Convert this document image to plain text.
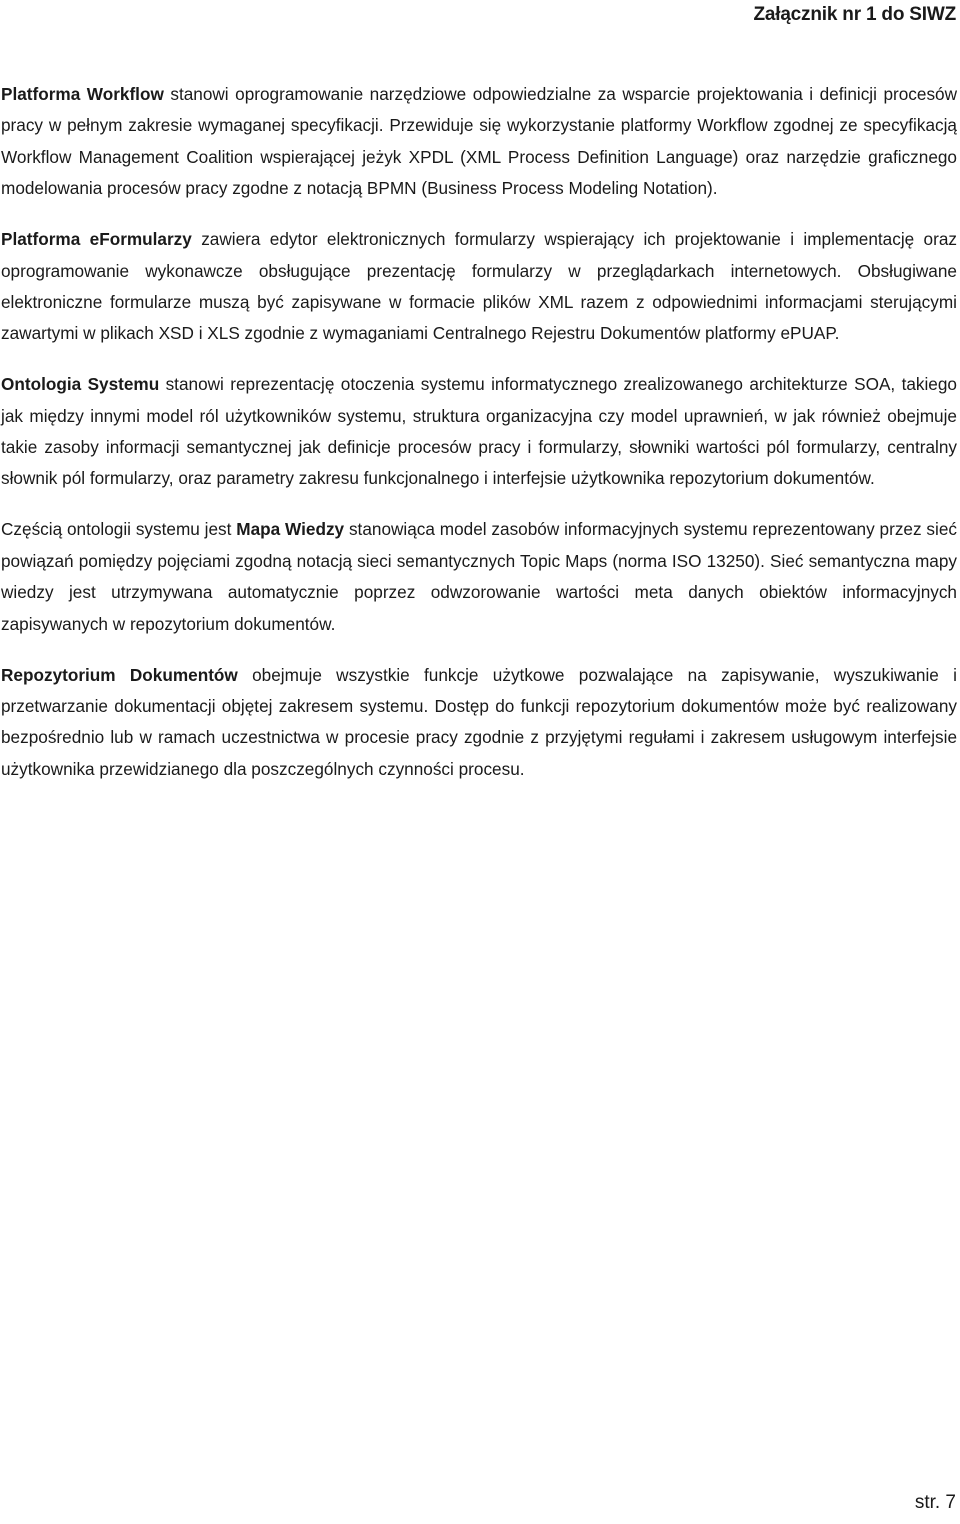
Załącznik nr 1 do SIWZ

Platforma Workflow stanowi oprogramowanie narzędziowe odpowiedzialne za wsparcie projektowania i definicji procesów pracy w pełnym zakresie wymaganej specyfikacji. Przewiduje się wykorzystanie platformy Workflow zgodnej ze specyfikacją Workflow Management Coalition wspierającej jeżyk XPDL (XML Process Definition Language) oraz narzędzie graficznego modelowania procesów pracy zgodne z notacją BPMN (Business Process Modeling Notation).

Platforma eFormularzy zawiera edytor elektronicznych formularzy wspierający ich projektowanie i implementację oraz oprogramowanie wykonawcze obsługujące prezentację formularzy w przeglądarkach internetowych. Obsługiwane elektroniczne formularze muszą być zapisywane w formacie plików XML razem z odpowiednimi informacjami sterującymi zawartymi w plikach XSD i XLS zgodnie z wymaganiami Centralnego Rejestru Dokumentów platformy ePUAP.

Ontologia Systemu stanowi reprezentację otoczenia systemu informatycznego zrealizowanego architekturze SOA, takiego jak między innymi model ról użytkowników systemu, struktura organizacyjna czy model uprawnień, w jak również obejmuje takie zasoby informacji semantycznej jak definicje procesów pracy i formularzy, słowniki wartości pól formularzy, centralny słownik pól formularzy, oraz parametry zakresu funkcjonalnego i interfejsie użytkownika repozytorium dokumentów.

Częścią ontologii systemu jest Mapa Wiedzy stanowiąca model zasobów informacyjnych systemu reprezentowany przez sieć powiązań pomiędzy pojęciami zgodną notacją sieci semantycznych Topic Maps (norma ISO 13250). Sieć semantyczna mapy wiedzy jest utrzymywana automatycznie poprzez odwzorowanie wartości meta danych obiektów informacyjnych zapisywanych w repozytorium dokumentów.

Repozytorium Dokumentów obejmuje wszystkie funkcje użytkowe pozwalające na zapisywanie, wyszukiwanie i przetwarzanie dokumentacji objętej zakresem systemu. Dostęp do funkcji repozytorium dokumentów może być realizowany bezpośrednio lub w ramach uczestnictwa w procesie pracy zgodnie z przyjętymi regułami i zakresem usługowym interfejsie użytkownika przewidzianego dla poszczególnych czynności procesu.

str. 7
